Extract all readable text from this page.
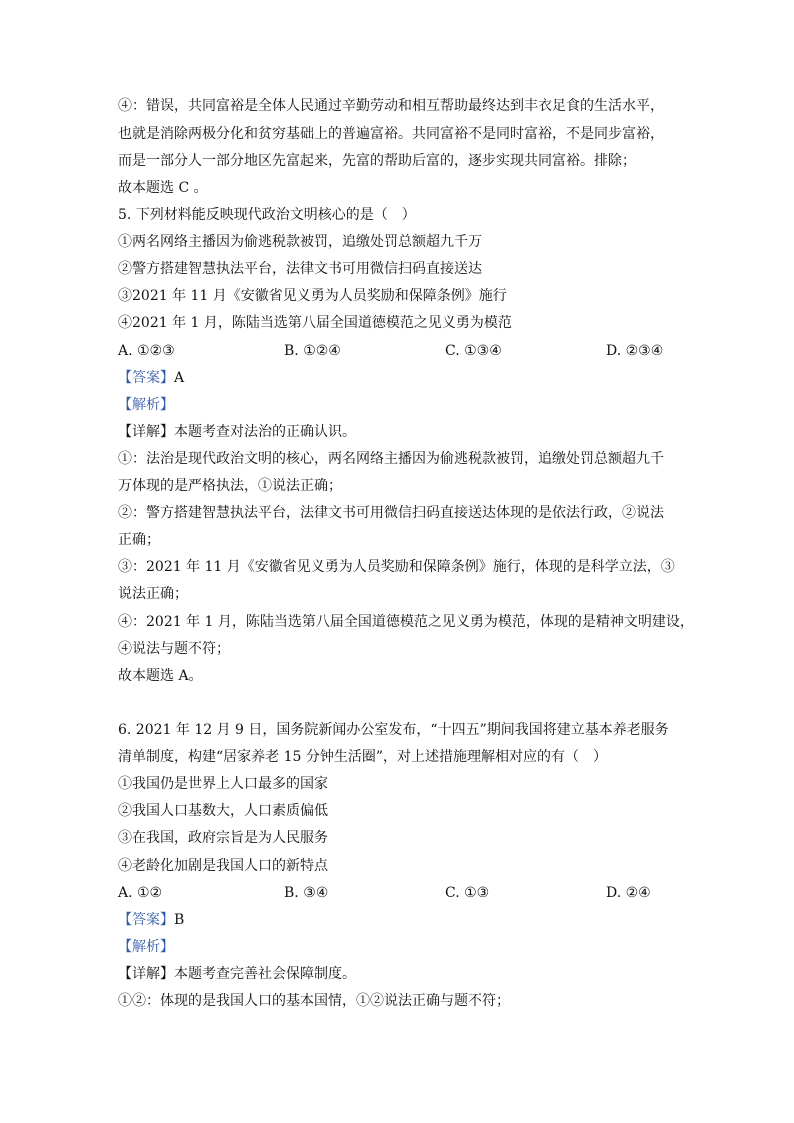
④：错误，共同富裕是全体人民通过辛勤劳动和相互帮助最终达到丰衣足食的生活水平，
也就是消除两极分化和贫穷基础上的普遍富裕。共同富裕不是同时富裕，不是同步富裕，
而是一部分人一部分地区先富起来，先富的帮助后富的，逐步实现共同富裕。排除；
故本题选 C 。
5. 下列材料能反映现代政治文明核心的是（　）
①两名网络主播因为偷逃税款被罚，追缴处罚总额超九千万
②警方搭建智慧执法平台，法律文书可用微信扫码直接送达
③2021 年 11 月《安徽省见义勇为人员奖励和保障条例》施行
④2021 年 1 月，陈陆当选第八届全国道德模范之见义勇为模范
A. ①②③	B. ①②④	C. ①③④	D. ②③④
【答案】A
【解析】
【详解】本题考查对法治的正确认识。
①：法治是现代政治文明的核心，两名网络主播因为偷逃税款被罚，追缴处罚总额超九千
万体现的是严格执法，①说法正确；
②：警方搭建智慧执法平台，法律文书可用微信扫码直接送达体现的是依法行政，②说法
正确；
③：2021 年 11 月《安徽省见义勇为人员奖励和保障条例》施行，体现的是科学立法，③
说法正确；
④：2021 年 1 月，陈陆当选第八届全国道德模范之见义勇为模范，体现的是精神文明建设，
④说法与题不符；
故本题选 A。
6. 2021 年 12 月 9 日，国务院新闻办公室发布，“十四五”期间我国将建立基本养老服务
清单制度，构建“居家养老 15 分钟生活圈”，对上述措施理解相对应的有（　）
①我国仍是世界上人口最多的国家
②我国人口基数大，人口素质偏低
③在我国，政府宗旨是为人民服务
④老龄化加剧是我国人口的新特点
A. ①②	B. ③④	C. ①③	D. ②④
【答案】B
【解析】
【详解】本题考查完善社会保障制度。
①②：体现的是我国人口的基本国情，①②说法正确与题不符；
